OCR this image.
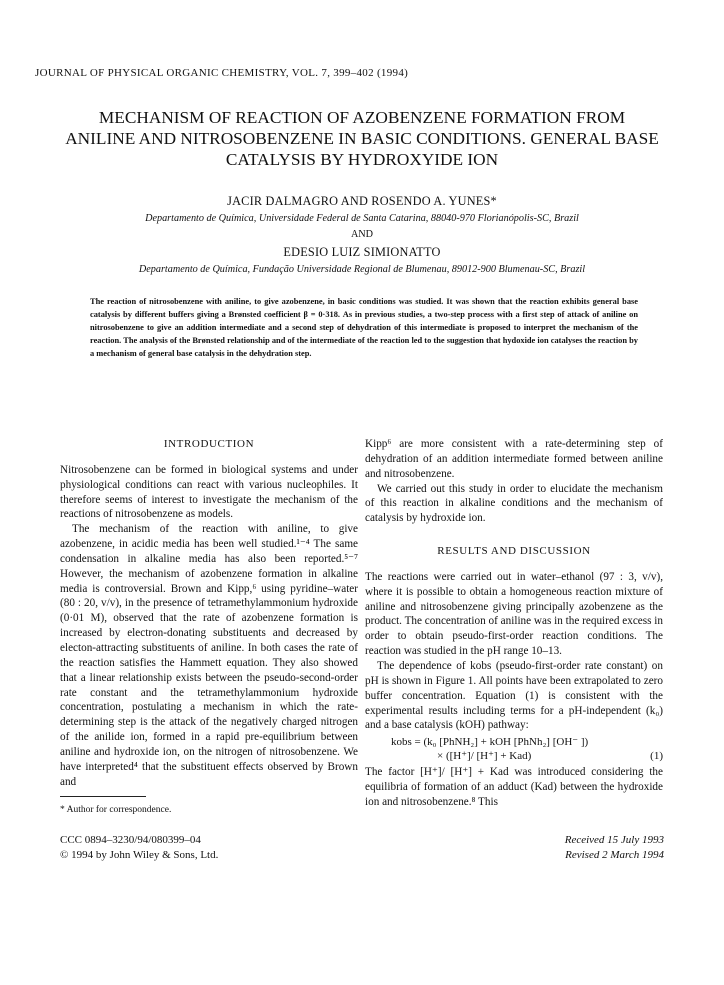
JOURNAL OF PHYSICAL ORGANIC CHEMISTRY, VOL. 7, 399–402 (1994)
MECHANISM OF REACTION OF AZOBENZENE FORMATION FROM
ANILINE AND NITROSOBENZENE IN BASIC CONDITIONS. GENERAL BASE
CATALYSIS BY HYDROXYIDE ION
JACIR DALMAGRO AND ROSENDO A. YUNES*
Departamento de Química, Universidade Federal de Santa Catarina, 88040-970 Florianópolis-SC, Brazil
AND
EDESIO LUIZ SIMIONATTO
Departamento de Química, Fundação Universidade Regional de Blumenau, 89012-900 Blumenau-SC, Brazil
The reaction of nitrosobenzene with aniline, to give azobenzene, in basic conditions was studied. It was shown that the reaction exhibits general base catalysis by different buffers giving a Brønsted coefficient β = 0·318. As in previous studies, a two-step process with a first step of attack of aniline on nitrosobenzene to give an addition intermediate and a second step of dehydration of this intermediate is proposed to interpret the mechanism of the reaction. The analysis of the Brønsted relationship and of the intermediate of the reaction led to the suggestion that hydoxide ion catalyses the reaction by a mechanism of general base catalysis in the dehydration step.
INTRODUCTION

Nitrosobenzene can be formed in biological systems and under physiological conditions can react with various nucleophiles. It therefore seems of interest to investigate the mechanism of the reactions of nitrosobenzene as models.

The mechanism of the reaction with aniline, to give azobenzene, in acidic media has been well studied.¹⁻⁴ The same condensation in alkaline media has also been reported.⁵⁻⁷ However, the mechanism of azobenzene formation in alkaline media is controversial. Brown and Kipp,⁶ using pyridine–water (80 : 20, v/v), in the presence of tetramethylammonium hydroxide (0·01 M), observed that the rate of azobenzene formation is increased by electron-donating substituents and decreased by electon-attracting substituents of aniline. In both cases the rate of the reaction satisfies the Hammett equation. They also showed that a linear relationship exists between the pseudo-second-order rate constant and the tetramethylammonium hydroxide concentration, postulating a mechanism in which the rate-determining step is the attack of the negatively charged nitrogen of the anilide ion, formed in a rapid pre-equilibrium between aniline and hydroxide ion, on the nitrogen of nitrosobenzene. We have interpreted⁴ that the substituent effects observed by Brown and

Kipp⁶ are more consistent with a rate-determining step of dehydration of an addition intermediate formed between aniline and nitrosobenzene.

We carried out this study in order to elucidate the mechanism of this reaction in alkaline conditions and the mechanism of catalysis by hydroxide ion.

RESULTS AND DISCUSSION

The reactions were carried out in water–ethanol (97 : 3, v/v), where it is possible to obtain a homogeneous reaction mixture of aniline and nitrosobenzene giving principally azobenzene as the product. The concentration of aniline was in the required excess in order to obtain pseudo-first-order reaction conditions. The reaction was studied in the pH range 10–13.

The dependence of kobs (pseudo-first-order rate constant) on pH is shown in Figure 1. All points have been extrapolated to zero buffer concentration. Equation (1) is consistent with the experimental results including terms for a pH-independent (k₀) and a base catalysis (kOH) pathway:

kobs = (k₀ [PhNH₂] + kOH [PhNh₂] [OH⁻ ])
× ([H⁺]/ [H⁺] + Kad)	(1)

The factor [H⁺]/ [H⁺] + Kad was introduced considering the equilibria of formation of an adduct (Kad) between the hydroxide ion and nitrosobenzene.⁸ This

* Author for correspondence.
CCC 0894–3230/94/080399–04
© 1994 by John Wiley & Sons, Ltd.
Received 15 July 1993
Revised 2 March 1994
